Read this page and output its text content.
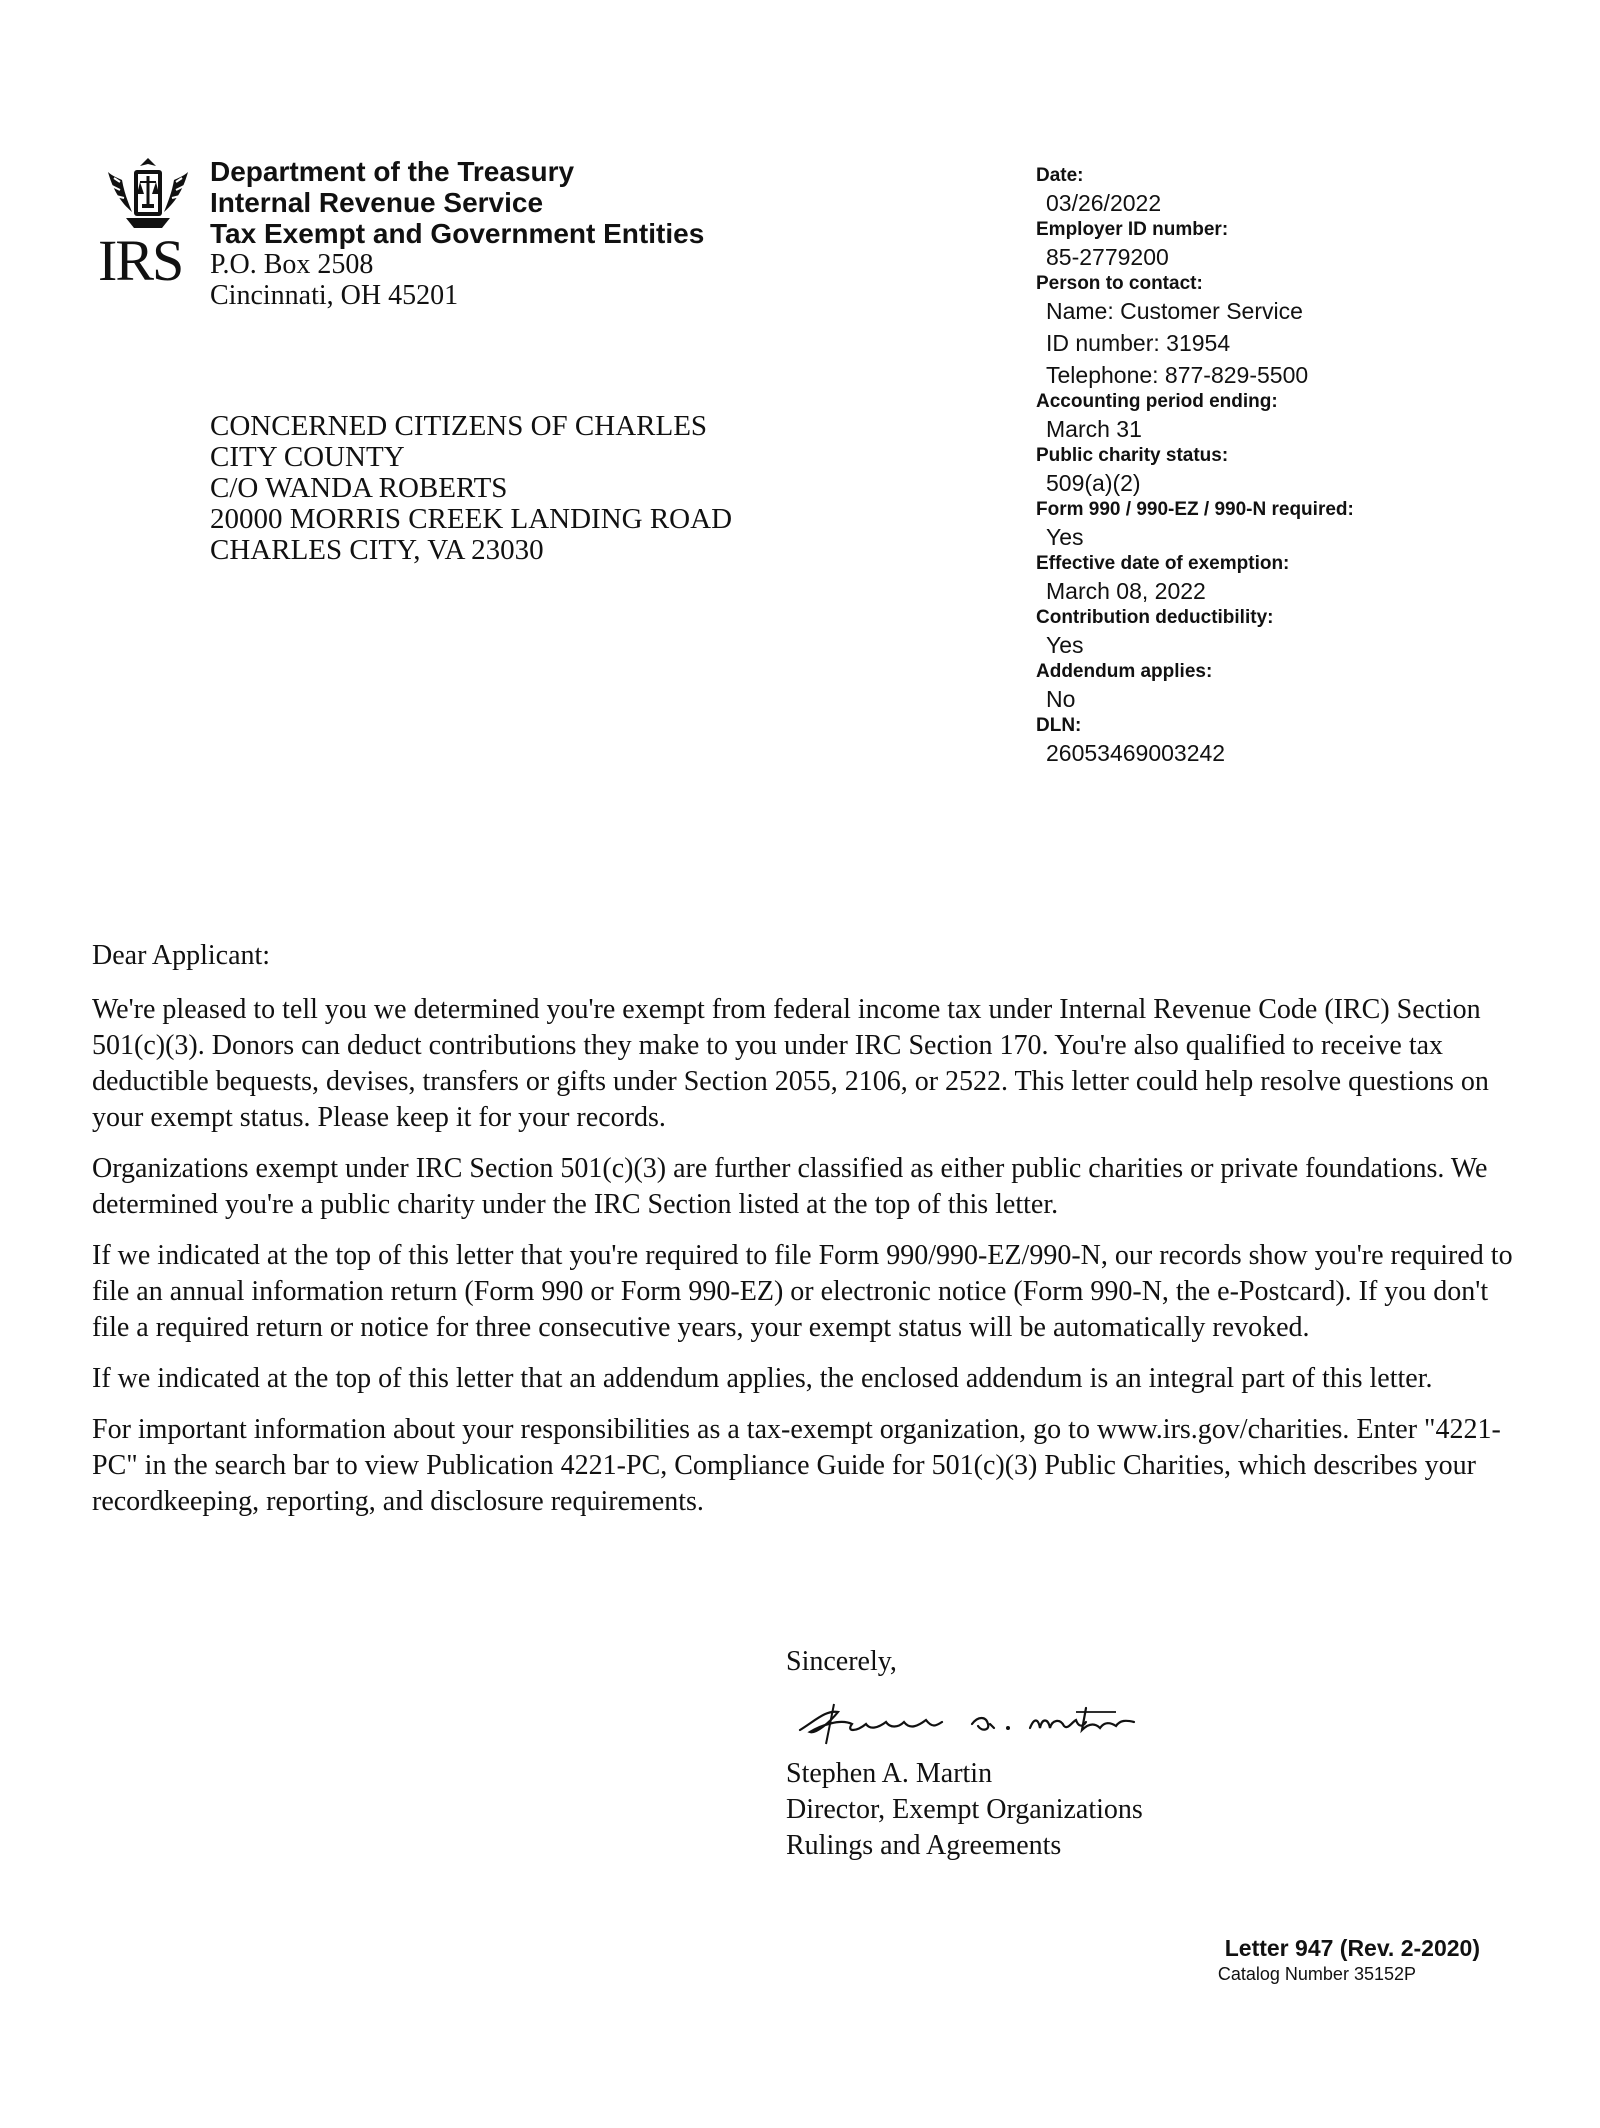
IRS
Department of the Treasury
Internal Revenue Service
Tax Exempt and Government Entities
P.O. Box 2508
Cincinnati, OH 45201
CONCERNED CITIZENS OF CHARLES
CITY COUNTY
C/O WANDA ROBERTS
20000 MORRIS CREEK LANDING ROAD
CHARLES CITY, VA 23030
Date:
03/26/2022
Employer ID number:
85-2779200
Person to contact:
Name: Customer Service
ID number: 31954
Telephone: 877-829-5500
Accounting period ending:
March 31
Public charity status:
509(a)(2)
Form 990 / 990-EZ / 990-N required:
Yes
Effective date of exemption:
March 08, 2022
Contribution deductibility:
Yes
Addendum applies:
No
DLN:
26053469003242

Dear Applicant:

We're pleased to tell you we determined you're exempt from federal income tax under Internal Revenue Code (IRC) Section 501(c)(3). Donors can deduct contributions they make to you under IRC Section 170. You're also qualified to receive tax deductible bequests, devises, transfers or gifts under Section 2055, 2106, or 2522. This letter could help resolve questions on your exempt status. Please keep it for your records.

Organizations exempt under IRC Section 501(c)(3) are further classified as either public charities or private foundations. We determined you're a public charity under the IRC Section listed at the top of this letter.

If we indicated at the top of this letter that you're required to file Form 990/990-EZ/990-N, our records show you're required to file an annual information return (Form 990 or Form 990-EZ) or electronic notice (Form 990-N, the e-Postcard). If you don't file a required return or notice for three consecutive years, your exempt status will be automatically revoked.

If we indicated at the top of this letter that an addendum applies, the enclosed addendum is an integral part of this letter.

For important information about your responsibilities as a tax-exempt organization, go to www.irs.gov/charities. Enter "4221-PC" in the search bar to view Publication 4221-PC, Compliance Guide for 501(c)(3) Public Charities, which describes your recordkeeping, reporting, and disclosure requirements.

Sincerely,
Stephen A. Martin
Director, Exempt Organizations
Rulings and Agreements
Letter 947 (Rev. 2-2020)
Catalog Number 35152P
